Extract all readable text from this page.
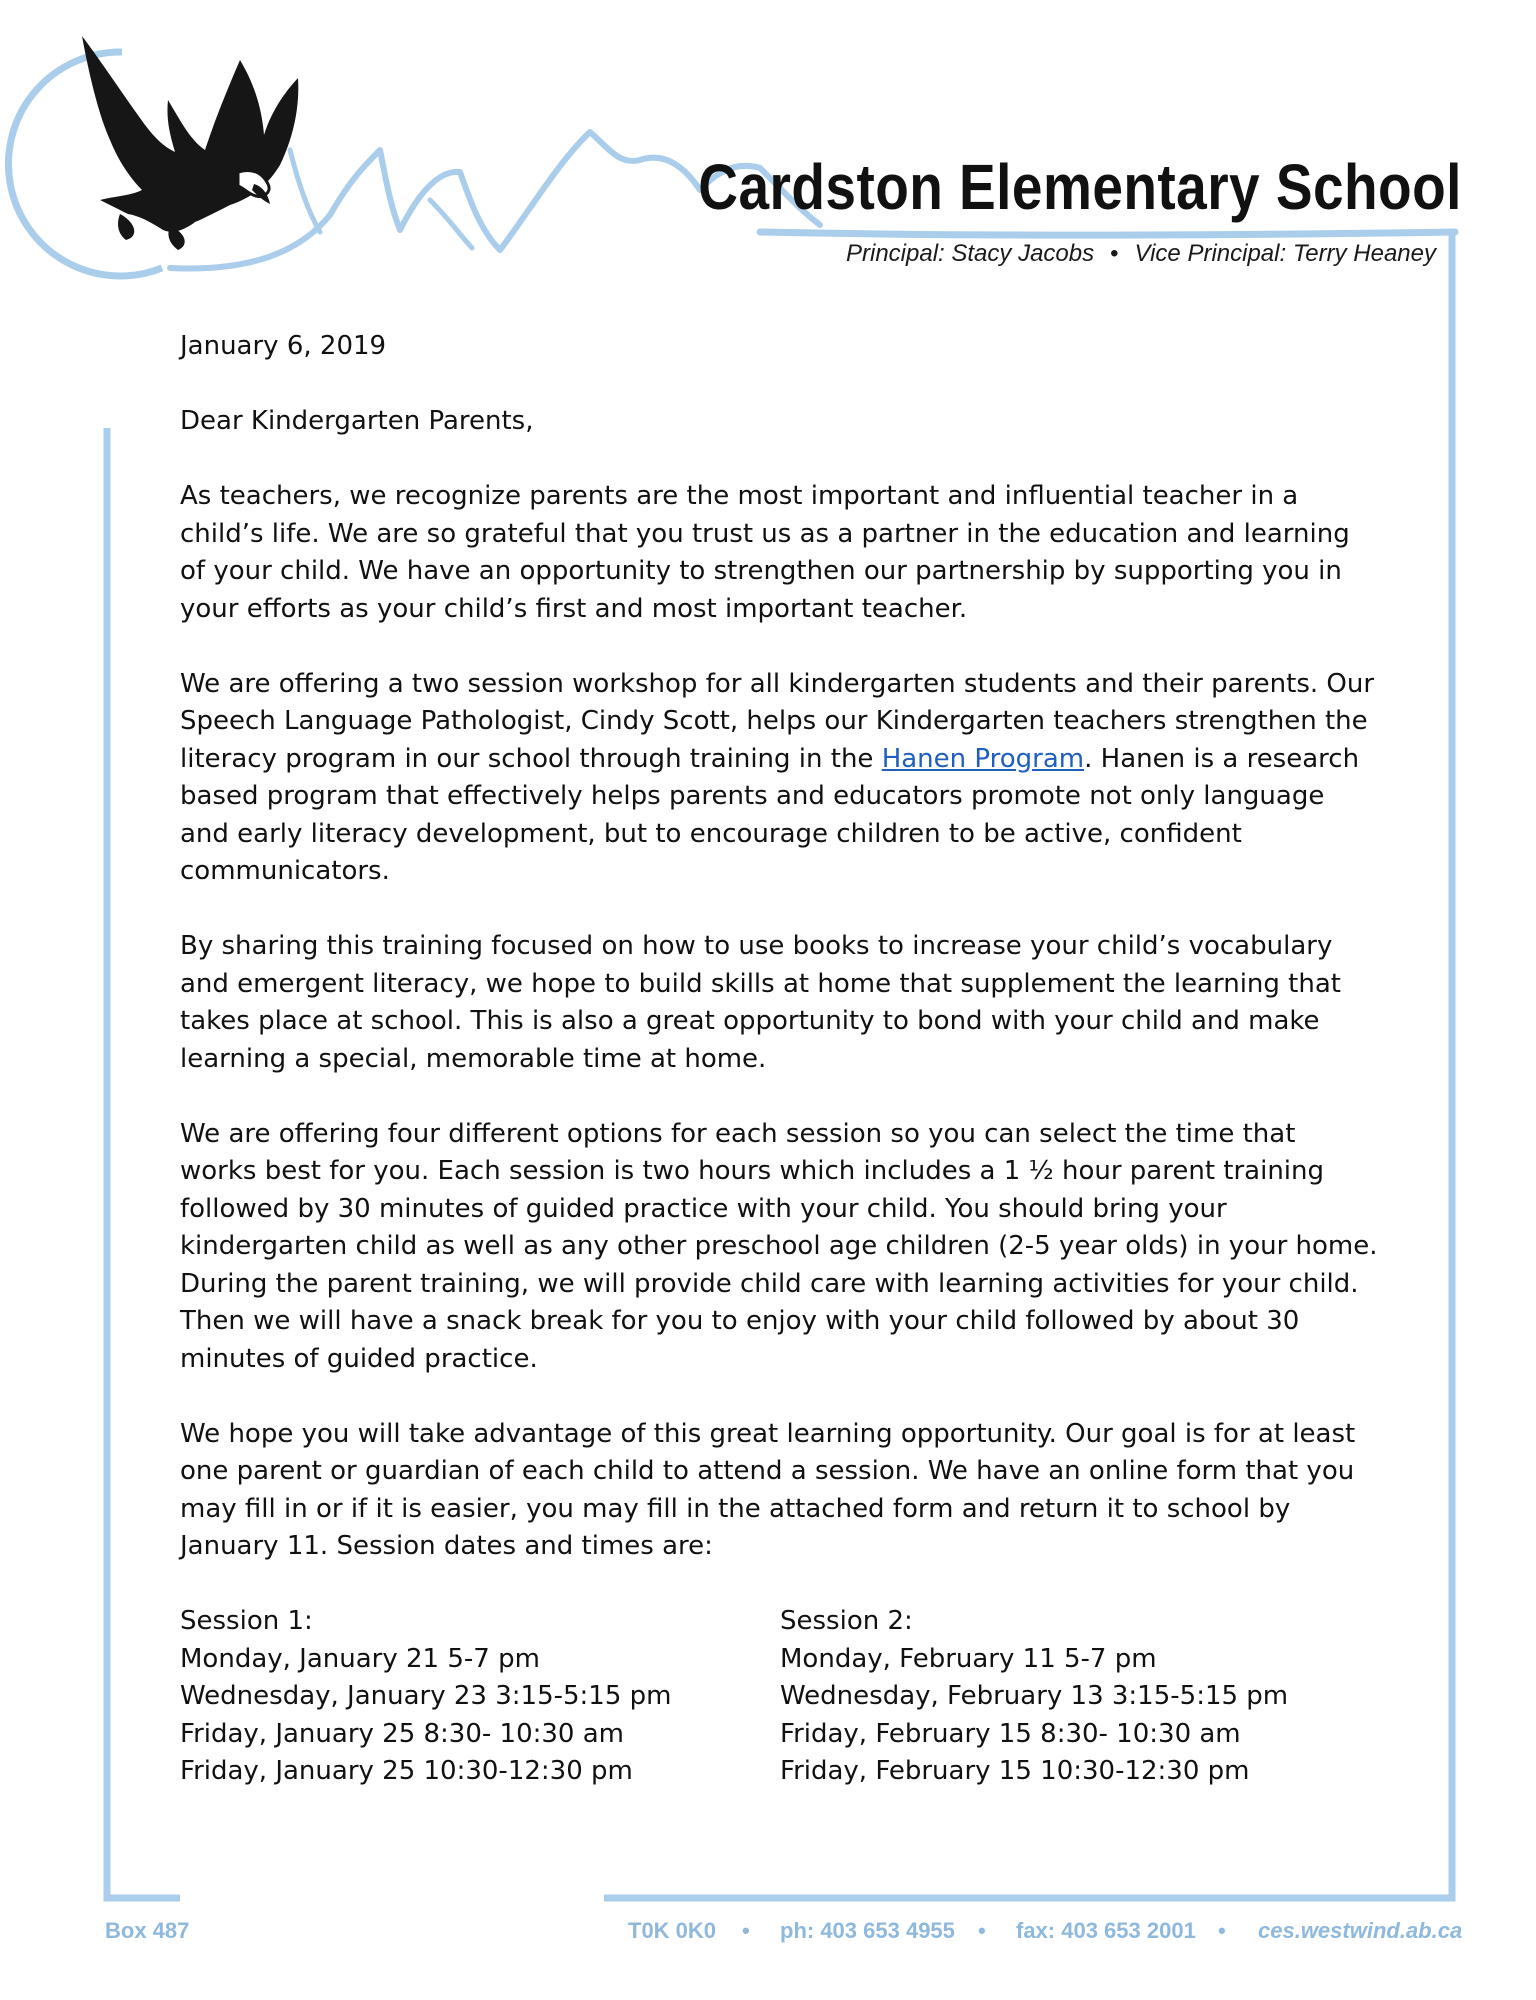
Cardston Elementary School
Principal: Stacy Jacobs • Vice Principal: Terry Heaney

January 6, 2019

Dear Kindergarten Parents,

As teachers, we recognize parents are the most important and influential teacher in a child’s life. We are so grateful that you trust us as a partner in the education and learning of your child. We have an opportunity to strengthen our partnership by supporting you in your efforts as your child’s first and most important teacher.

We are offering a two session workshop for all kindergarten students and their parents. Our Speech Language Pathologist, Cindy Scott, helps our Kindergarten teachers strengthen the literacy program in our school through training in the Hanen Program. Hanen is a research based program that effectively helps parents and educators promote not only language and early literacy development, but to encourage children to be active, confident communicators.

By sharing this training focused on how to use books to increase your child’s vocabulary and emergent literacy, we hope to build skills at home that supplement the learning that takes place at school. This is also a great opportunity to bond with your child and make learning a special, memorable time at home.

We are offering four different options for each session so you can select the time that works best for you. Each session is two hours which includes a 1 ½ hour parent training followed by 30 minutes of guided practice with your child. You should bring your kindergarten child as well as any other preschool age children (2-5 year olds) in your home. During the parent training, we will provide child care with learning activities for your child. Then we will have a snack break for you to enjoy with your child followed by about 30 minutes of guided practice.

We hope you will take advantage of this great learning opportunity. Our goal is for at least one parent or guardian of each child to attend a session. We have an online form that you may fill in or if it is easier, you may fill in the attached form and return it to school by January 11. Session dates and times are:

Session 1:
Monday, January 21 5-7 pm
Wednesday, January 23 3:15-5:15 pm
Friday, January 25 8:30- 10:30 am
Friday, January 25 10:30-12:30 pm
Session 2:
Monday, February 11 5-7 pm
Wednesday, February 13 3:15-5:15 pm
Friday, February 15 8:30- 10:30 am
Friday, February 15 10:30-12:30 pm
Box 487	T0K 0K0 • ph: 403 653 4955 • fax: 403 653 2001 • ces.westwind.ab.ca
